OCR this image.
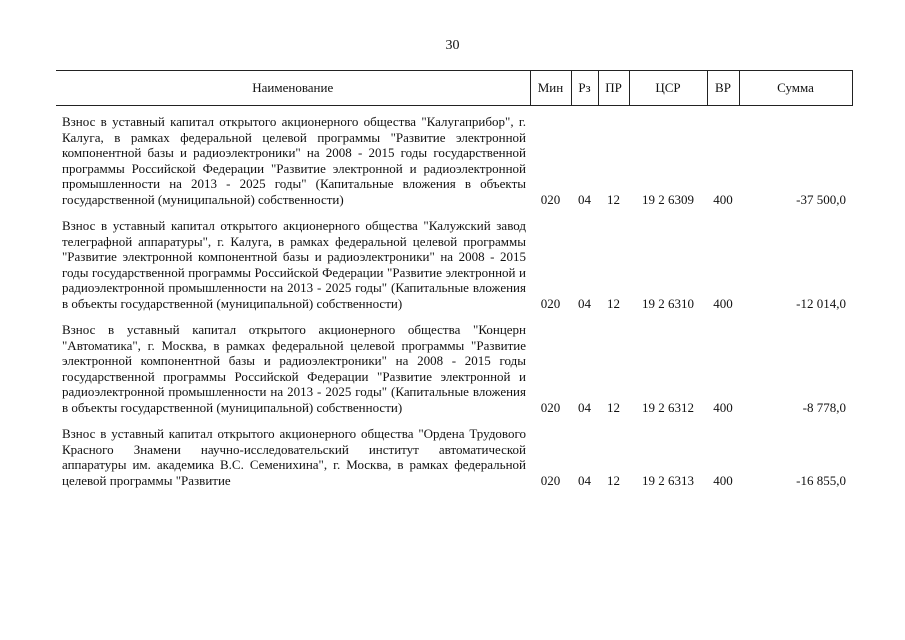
30
Наименование	Мин	Рз	ПР	ЦСР	ВР	Сумма
Взнос в уставный капитал открытого акционерного общества "Калугаприбор", г. Калуга, в рамках федеральной целевой программы "Развитие электронной компонентной базы и радиоэлектроники" на 2008 - 2015 годы государственной программы Российской Федерации "Развитие электронной и радиоэлектронной промышленности на 2013 - 2025 годы" (Капитальные вложения в объекты государственной (муниципальной) собственности)	020	04	12	19 2 6309	400	-37 500,0
Взнос в уставный капитал открытого акционерного общества "Калужский завод телеграфной аппаратуры", г. Калуга, в рамках федеральной целевой программы "Развитие электронной компонентной базы и радиоэлектроники" на 2008 - 2015 годы государственной программы Российской Федерации "Развитие электронной и радиоэлектронной промышленности на 2013 - 2025 годы" (Капитальные вложения в объекты государственной (муниципальной) собственности)	020	04	12	19 2 6310	400	-12 014,0
Взнос в уставный капитал открытого акционерного общества "Концерн "Автоматика", г. Москва, в рамках федеральной целевой программы "Развитие электронной компонентной базы и радиоэлектроники" на 2008 - 2015 годы государственной программы Российской Федерации "Развитие электронной и радиоэлектронной промышленности на 2013 - 2025 годы" (Капитальные вложения в объекты государственной (муниципальной) собственности)	020	04	12	19 2 6312	400	-8 778,0
Взнос в уставный капитал открытого акционерного общества "Ордена Трудового Красного Знамени научно-исследовательский институт автоматической аппаратуры им. академика В.С. Семенихина", г. Москва, в рамках федеральной целевой программы "Развитие	020	04	12	19 2 6313	400	-16 855,0
